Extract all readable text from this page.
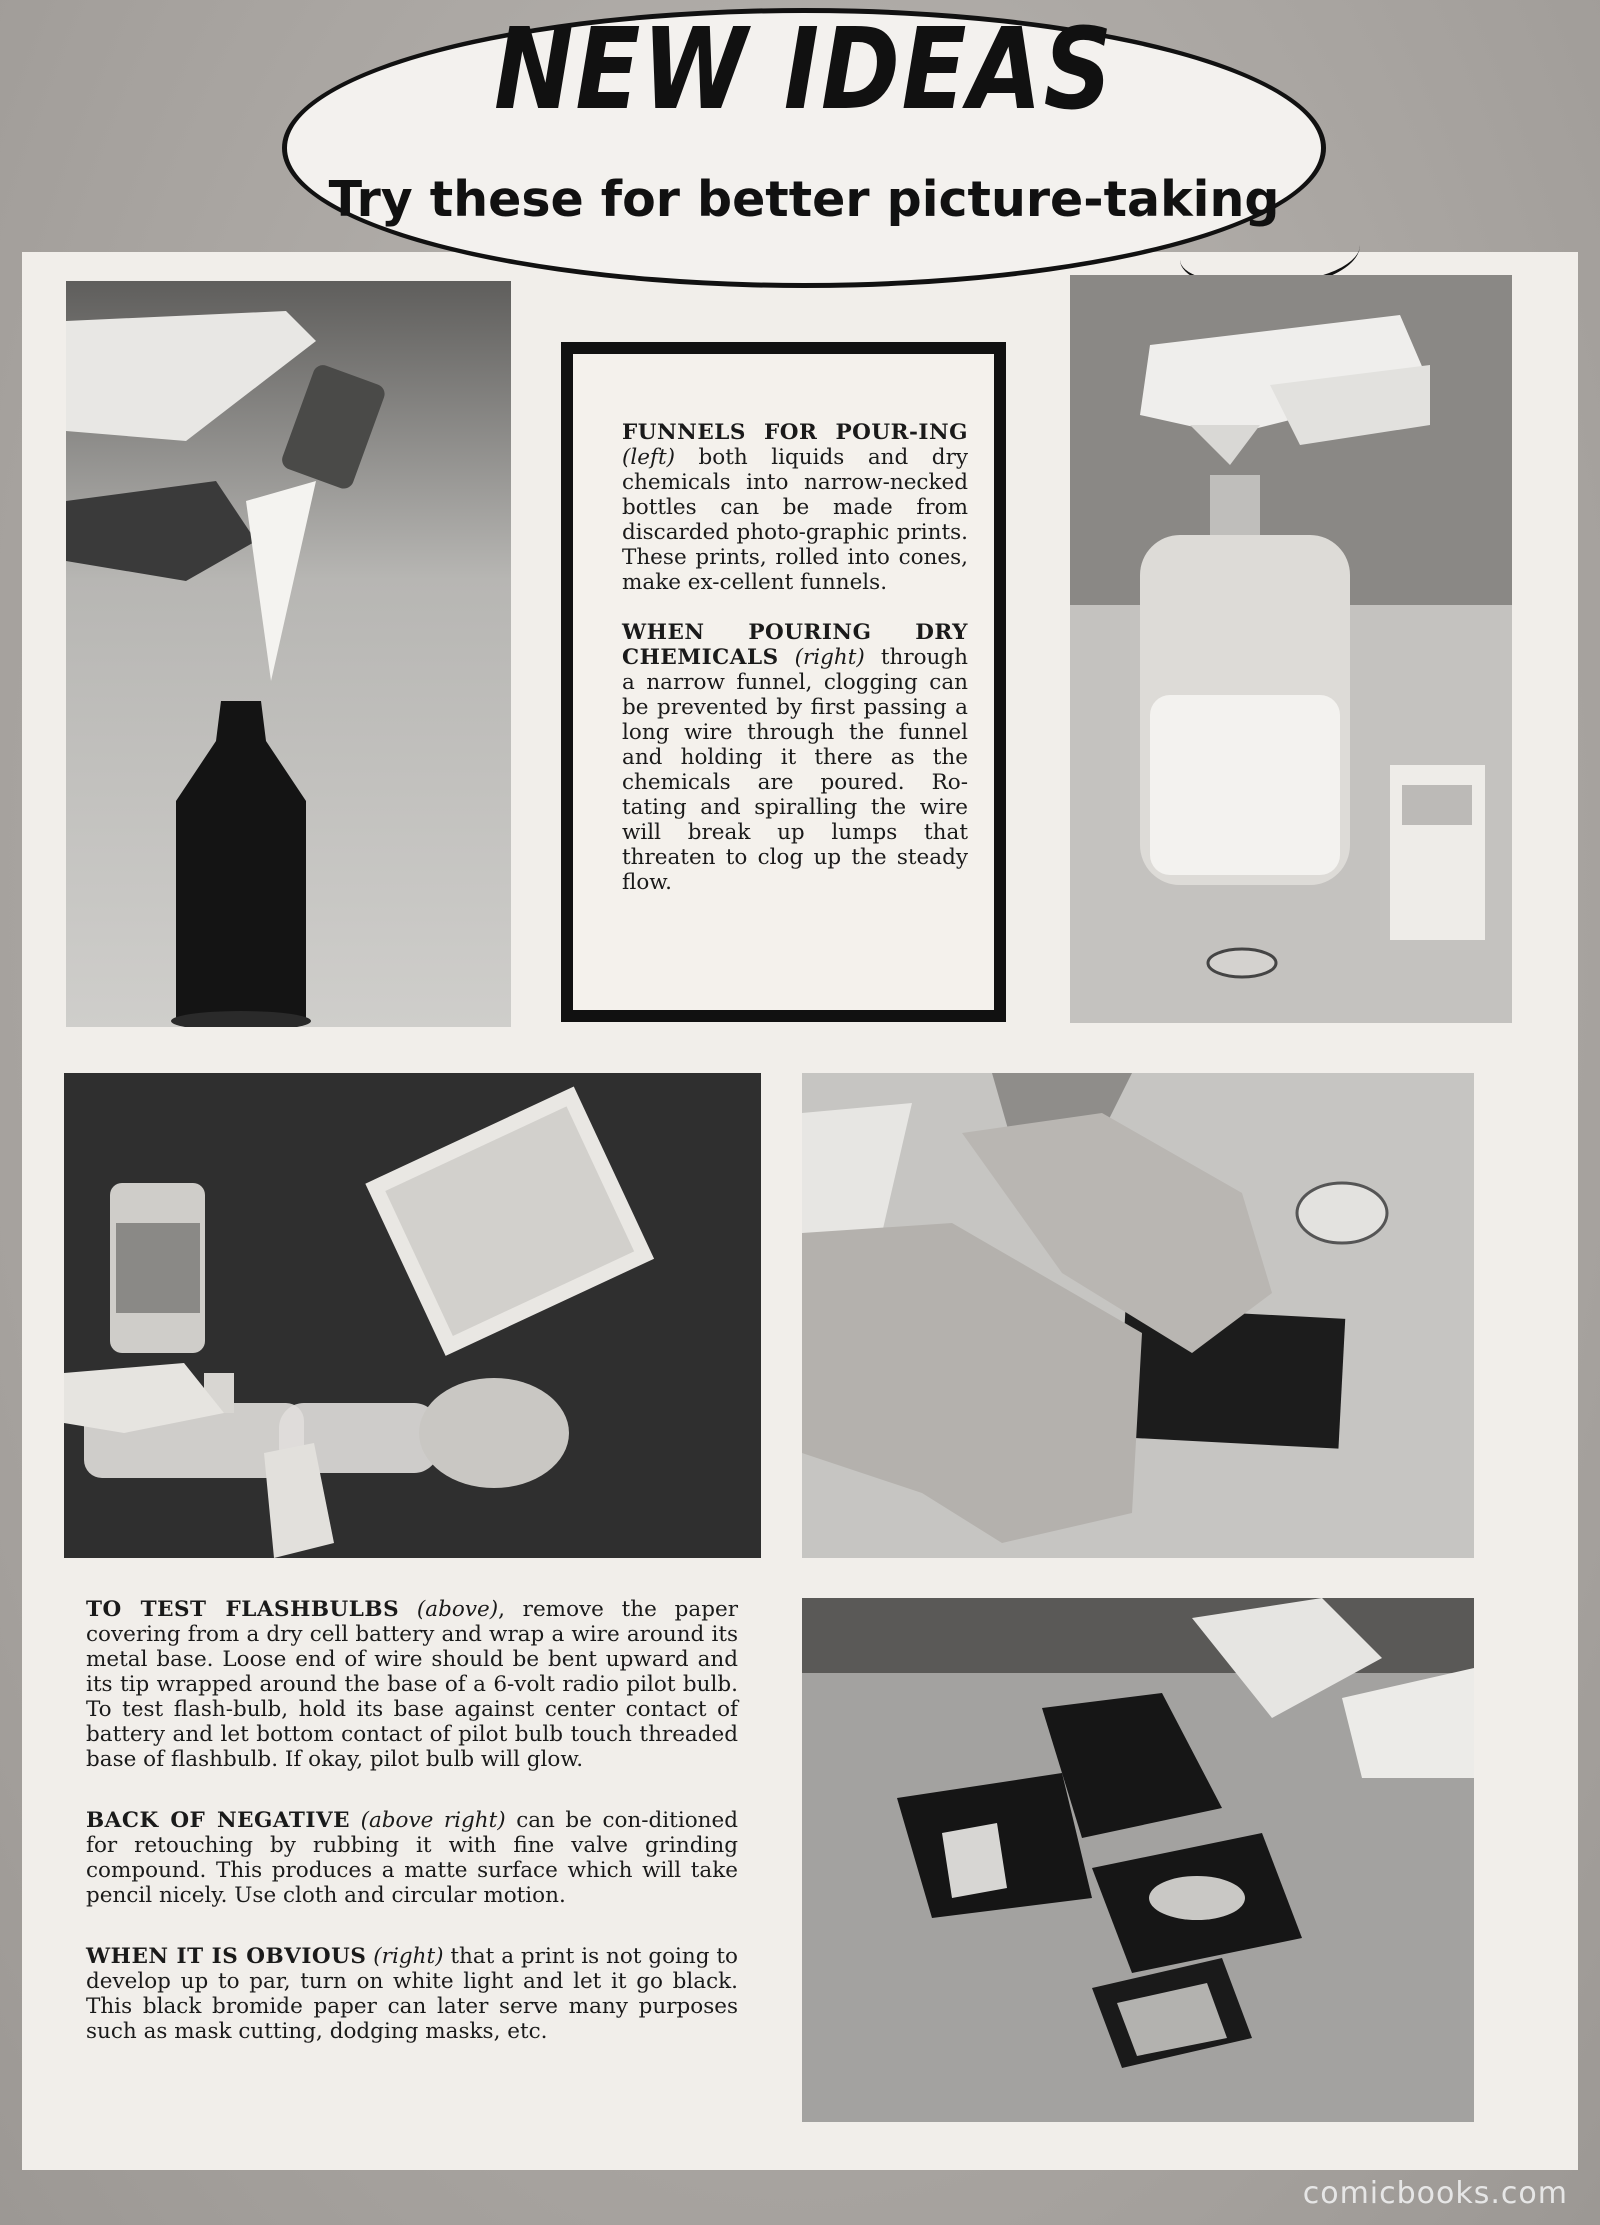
NEW IDEAS
Try these for better picture-taking

FUNNELS FOR POUR-ING (left) both liquids and dry chemicals into narrow-necked bottles can be made from discarded photo-graphic prints. These prints, rolled into cones, make ex-cellent funnels.

WHEN POURING DRY CHEMICALS (right) through a narrow funnel, clogging can be prevented by first passing a long wire through the funnel and holding it there as the chemicals are poured. Ro-tating and spiralling the wire will break up lumps that threaten to clog up the steady flow.

TO TEST FLASHBULBS (above), remove the paper covering from a dry cell battery and wrap a wire around its metal base. Loose end of wire should be bent upward and its tip wrapped around the base of a 6-volt radio pilot bulb. To test flash-bulb, hold its base against center contact of battery and let bottom contact of pilot bulb touch threaded base of flashbulb. If okay, pilot bulb will glow.

BACK OF NEGATIVE (above right) can be con-ditioned for retouching by rubbing it with fine valve grinding compound. This produces a matte surface which will take pencil nicely. Use cloth and circular motion.

WHEN IT IS OBVIOUS (right) that a print is not going to develop up to par, turn on white light and let it go black. This black bromide paper can later serve many purposes such as mask cutting, dodging masks, etc.

comicbooks.com
